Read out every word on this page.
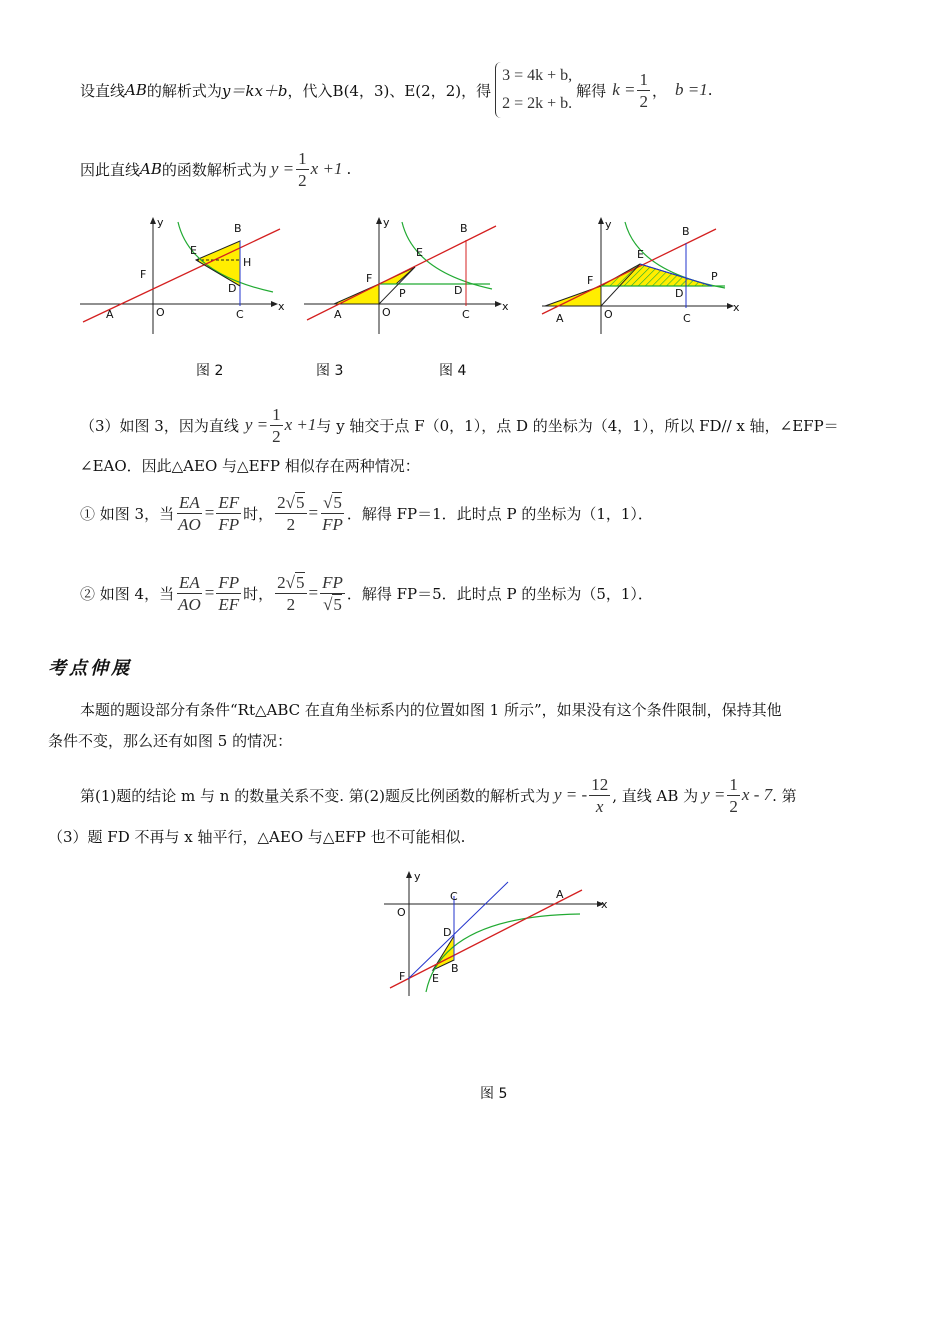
设直线 AB 的解析式为 y＝kx＋b ，代入 B(4，3)、E(2，2) ，得
3 = 4k + b,
2 = 2k + b.
解得 $k = \frac{1}{2}$ ， b =1 .
因此直线 AB 的函数解析式为 $y = \frac{1}{2}$ x +1 .
y	B
E
H
F
D
x
A	O	C
y	B
E
F
P	D
x
A	O	C
y
B
E
F	P
D
x
A	O	C
图 2	图 3	图 4
（3）如图 3，因为直线 $y = \frac{1}{2}$ x +1 与 y 轴交于点 F（0，1），点 D 的坐标为（4，1），所以 FD// x 轴，∠EFP＝
∠EAO．因此△AEO 与△EFP 相似存在两种情况：
① 如图 3，当 $\frac{EA}{AO} = \frac{EF}{FP}$ 时， $\frac{2√5}{2} = \frac{√5}{FP}$ ．解得 FP＝1．此时点 P 的坐标为（1，1）．
② 如图 4，当 $\frac{EA}{AO} = \frac{FP}{EF}$ 时， $\frac{2√5}{2} = \frac{FP}{√5}$ ．解得 FP＝5．此时点 P 的坐标为（5，1）．
考点伸展
本题的题设部分有条件“Rt△ABC 在直角坐标系内的位置如图 1 所示”，如果没有这个条件限制，保持其他
条件不变，那么还有如图 5 的情况：
第(1)题的结论 m 与 n 的数量关系不变. 第(2)题反比例函数的解析式为 y = - $\frac{12}{x}$ , 直线 AB 为 $y = \frac{1}{2}$ x - 7 . 第
（3）题 FD 不再与 x 轴平行，△AEO 与△EFP 也不可能相似.
y
C	A
x
O
D
F E
B
图 5
